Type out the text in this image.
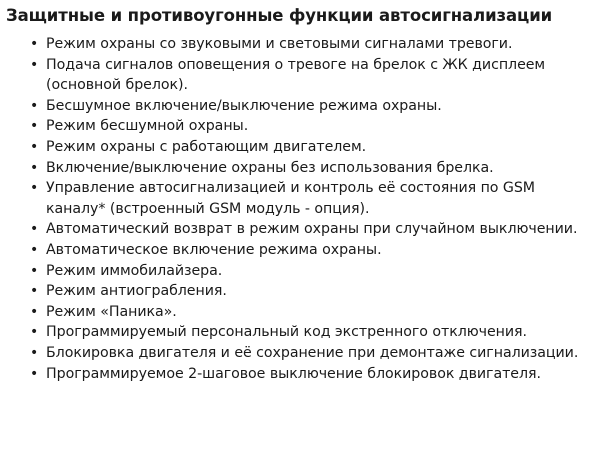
Защитные и противоугонные функции автосигнализации
• Режим охраны со звуковыми и световыми сигналами тревоги.
• Подача сигналов оповещения о тревоге на брелок с ЖК дисплеем (основной брелок).
• Бесшумное включение/выключение режима охраны.
• Режим бесшумной охраны.
• Режим охраны с работающим двигателем.
• Включение/выключение охраны без использования брелка.
• Управление автосигнализацией и контроль её состояния по GSM каналу* (встроенный GSM модуль - опция).
• Автоматический возврат в режим охраны при случайном выключении.
• Автоматическое включение режима охраны.
• Режим иммобилайзера.
• Режим антиограбления.
• Режим «Паника».
• Программируемый персональный код экстренного отключения.
• Блокировка двигателя и её сохранение при демонтаже сигнализации.
• Программируемое 2-шаговое выключение блокировок двигателя.
